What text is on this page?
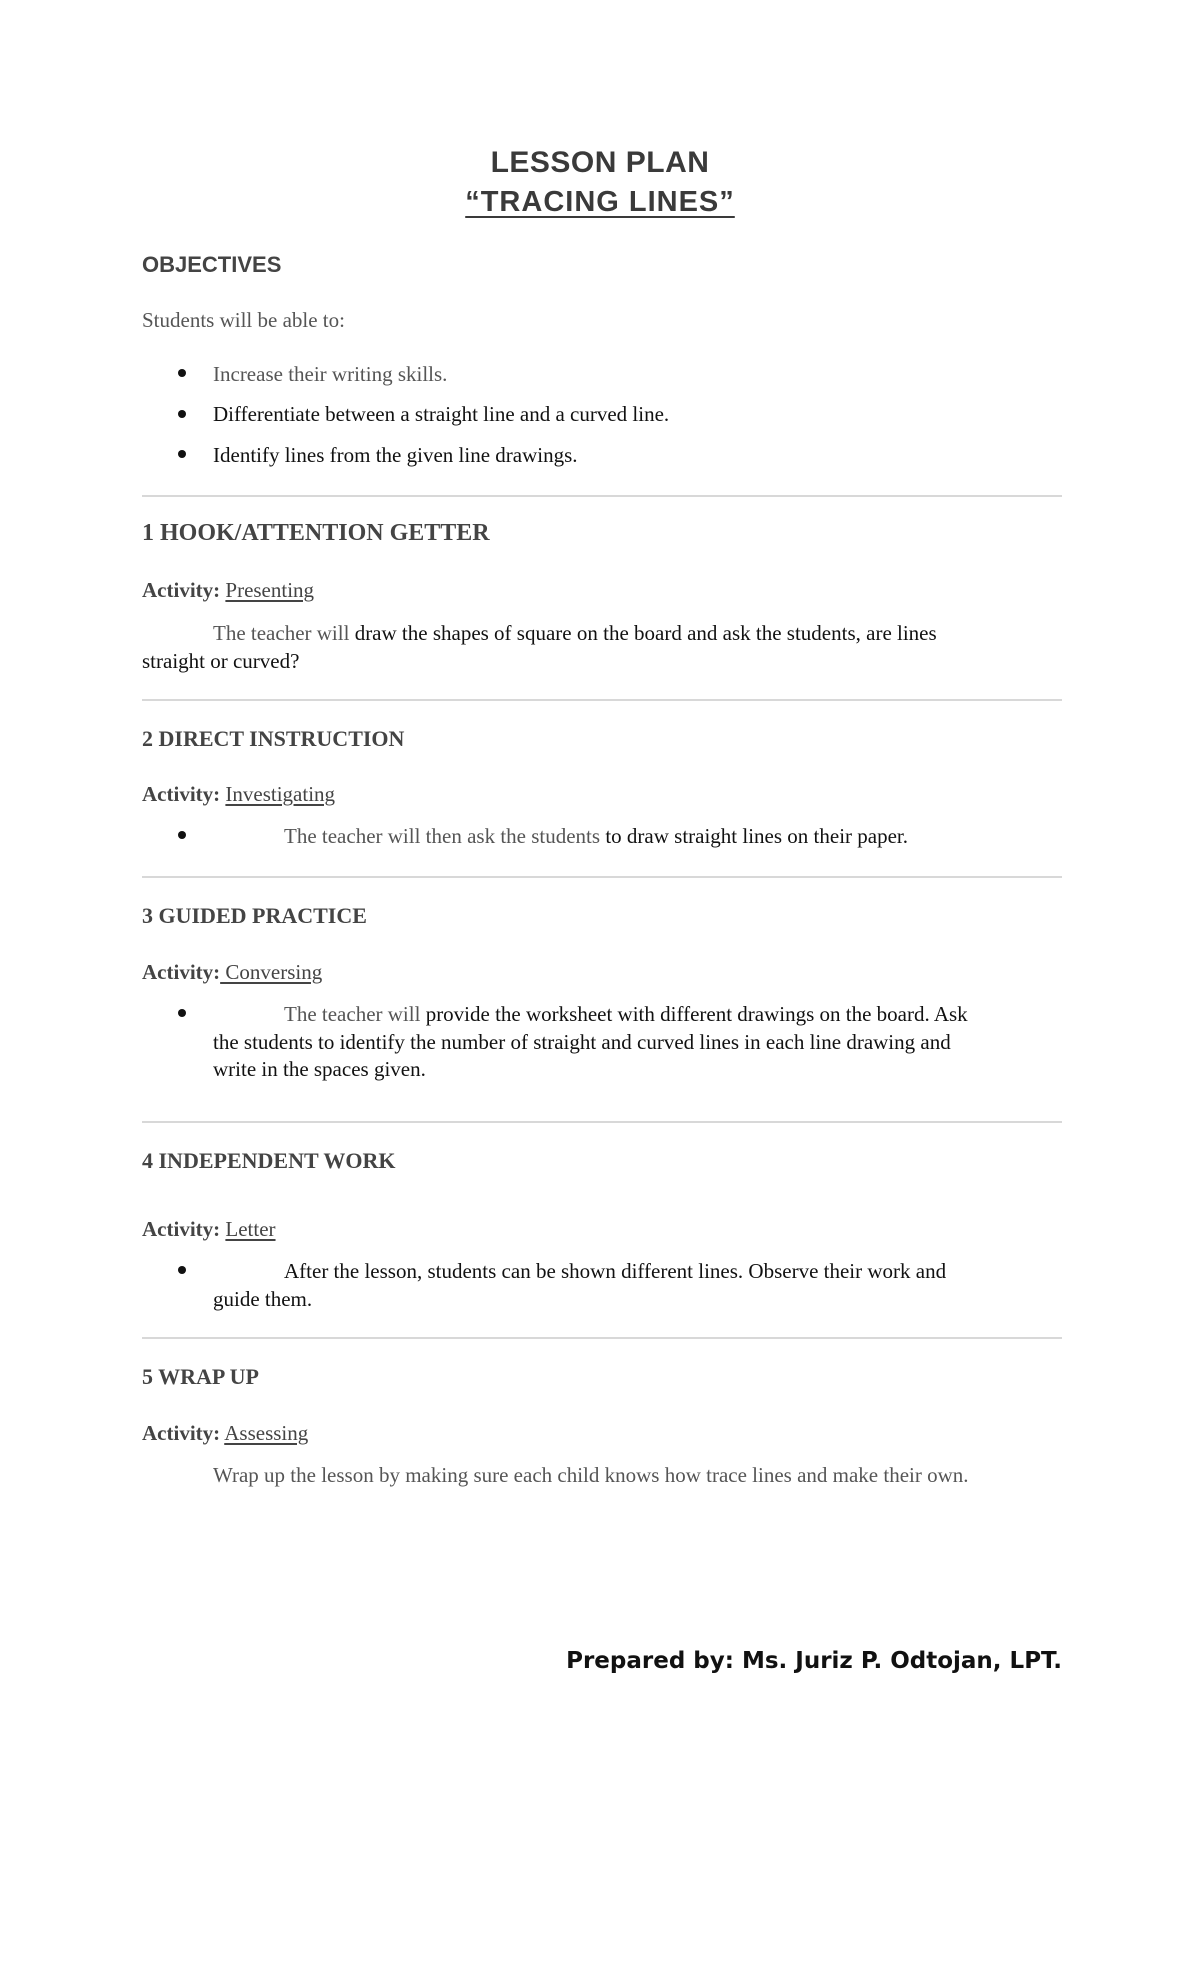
LESSON PLAN
“TRACING LINES”
OBJECTIVES
Students will be able to:
Increase their writing skills.
Differentiate between a straight line and a curved line.
Identify lines from the given line drawings.
1 HOOK/ATTENTION GETTER
Activity: Presenting
The teacher will draw the shapes of square on the board and ask the students, are lines
straight or curved?
2 DIRECT INSTRUCTION
Activity: Investigating
The teacher will then ask the students to draw straight lines on their paper.
3 GUIDED PRACTICE
Activity: Conversing
The teacher will provide the worksheet with different drawings on the board. Ask
the students to identify the number of straight and curved lines in each line drawing and
write in the spaces given.
4 INDEPENDENT WORK
Activity: Letter
After the lesson, students can be shown different lines. Observe their work and
guide them.
5 WRAP UP
Activity: Assessing
Wrap up the lesson by making sure each child knows how trace lines and make their own.
Prepared by: Ms. Juriz P. Odtojan, LPT.
